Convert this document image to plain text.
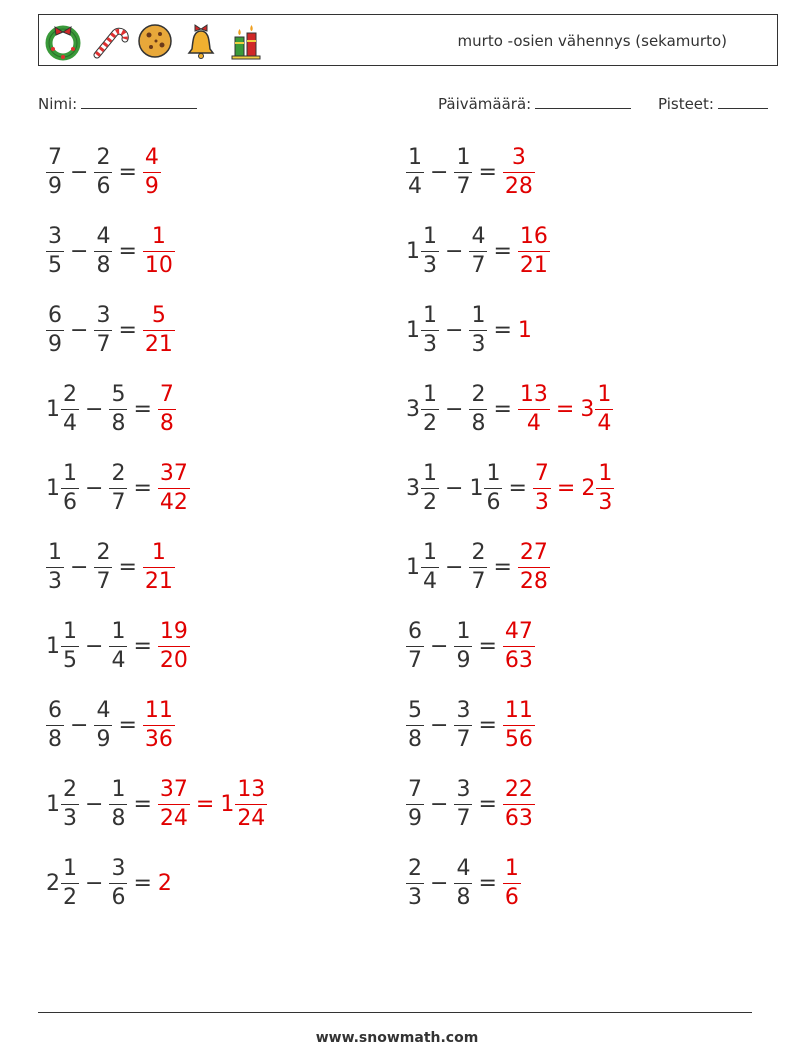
murto -osien vähennys (sekamurto)
Nimi:	Päivämäärä:	Pisteet:
$\frac{7}{9} - \frac{2}{6} = \frac{4}{9}$	$\frac{1}{4} - \frac{1}{7} = \frac{3}{28}$
$\frac{3}{5} - \frac{4}{8} = \frac{1}{10}$	$1 \frac{1}{3} - \frac{4}{7} = \frac{16}{21}$
$\frac{6}{9} - \frac{3}{7} = \frac{5}{21}$	$1 \frac{1}{3} - \frac{1}{3} = 1$
$1 \frac{2}{4} - \frac{5}{8} = \frac{7}{8}$	$3 \frac{1}{2} - \frac{2}{8} = \frac{13}{4} = 3 \frac{1}{4}$
$1 \frac{1}{6} - \frac{2}{7} = \frac{37}{42}$	$3 \frac{1}{2} - 1 \frac{1}{6} = \frac{7}{3} = 2 \frac{1}{3}$
$\frac{1}{3} - \frac{2}{7} = \frac{1}{21}$	$1 \frac{1}{4} - \frac{2}{7} = \frac{27}{28}$
$1 \frac{1}{5} - \frac{1}{4} = \frac{19}{20}$	$\frac{6}{7} - \frac{1}{9} = \frac{47}{63}$
$\frac{6}{8} - \frac{4}{9} = \frac{11}{36}$	$\frac{5}{8} - \frac{3}{7} = \frac{11}{56}$
$1 \frac{2}{3} - \frac{1}{8} = \frac{37}{24} = 1 \frac{13}{24}$	$\frac{7}{9} - \frac{3}{7} = \frac{22}{63}$
$2 \frac{1}{2} - \frac{3}{6} = 2$	$\frac{2}{3} - \frac{4}{8} = \frac{1}{6}$
www.snowmath.com
